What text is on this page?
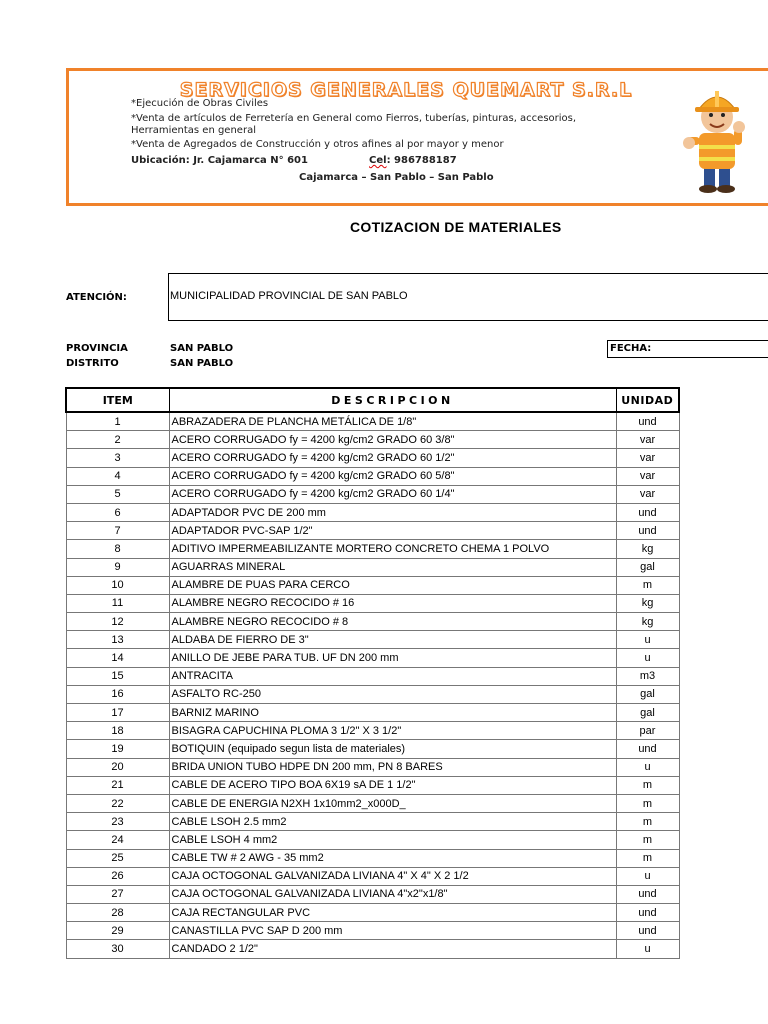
SERVICIOS GENERALES QUEMART S.R.L
*Ejecución de Obras Civiles
*Venta de artículos de Ferretería en General como Fierros, tuberías, pinturas, accesorios,
Herramientas en general
*Venta de Agregados de Construcción y otros afines al por mayor y menor
Ubicación: Jr. Cajamarca N° 601	Cel: 986788187
Cajamarca – San Pablo – San Pablo
COTIZACION DE MATERIALES
ATENCIÓN:	MUNICIPALIDAD PROVINCIAL DE SAN PABLO
PROVINCIA	SAN PABLO
DISTRITO	SAN PABLO
FECHA:
ITEM	DESCRIPCION	UNIDAD
1	ABRAZADERA DE PLANCHA METÁLICA DE 1/8"	und
2	ACERO CORRUGADO fy = 4200 kg/cm2 GRADO 60 3/8"	var
3	ACERO CORRUGADO fy = 4200 kg/cm2 GRADO 60 1/2"	var
4	ACERO CORRUGADO fy = 4200 kg/cm2 GRADO 60 5/8"	var
5	ACERO CORRUGADO fy = 4200 kg/cm2 GRADO 60 1/4"	var
6	ADAPTADOR PVC DE 200 mm	und
7	ADAPTADOR PVC-SAP 1/2"	und
8	ADITIVO IMPERMEABILIZANTE MORTERO CONCRETO CHEMA 1 POLVO	kg
9	AGUARRAS MINERAL	gal
10	ALAMBRE DE PUAS PARA CERCO	m
11	ALAMBRE NEGRO RECOCIDO # 16	kg
12	ALAMBRE NEGRO RECOCIDO # 8	kg
13	ALDABA DE FIERRO DE 3"	u
14	ANILLO DE JEBE PARA TUB. UF DN 200 mm	u
15	ANTRACITA	m3
16	ASFALTO RC-250	gal
17	BARNIZ MARINO	gal
18	BISAGRA CAPUCHINA PLOMA 3 1/2" X 3 1/2"	par
19	BOTIQUIN (equipado segun lista de materiales)	und
20	BRIDA UNION TUBO HDPE DN 200 mm, PN 8 BARES	u
21	CABLE DE ACERO TIPO BOA 6X19 sA DE 1 1/2"	m
22	CABLE DE ENERGIA N2XH 1x10mm2_x000D_	m
23	CABLE LSOH 2.5 mm2	m
24	CABLE LSOH 4 mm2	m
25	CABLE TW # 2 AWG - 35 mm2	m
26	CAJA OCTOGONAL GALVANIZADA LIVIANA 4" X 4" X 2 1/2	u
27	CAJA OCTOGONAL GALVANIZADA LIVIANA 4"x2"x1/8"	und
28	CAJA RECTANGULAR PVC	und
29	CANASTILLA PVC SAP D 200 mm	und
30	CANDADO 2 1/2"	u
